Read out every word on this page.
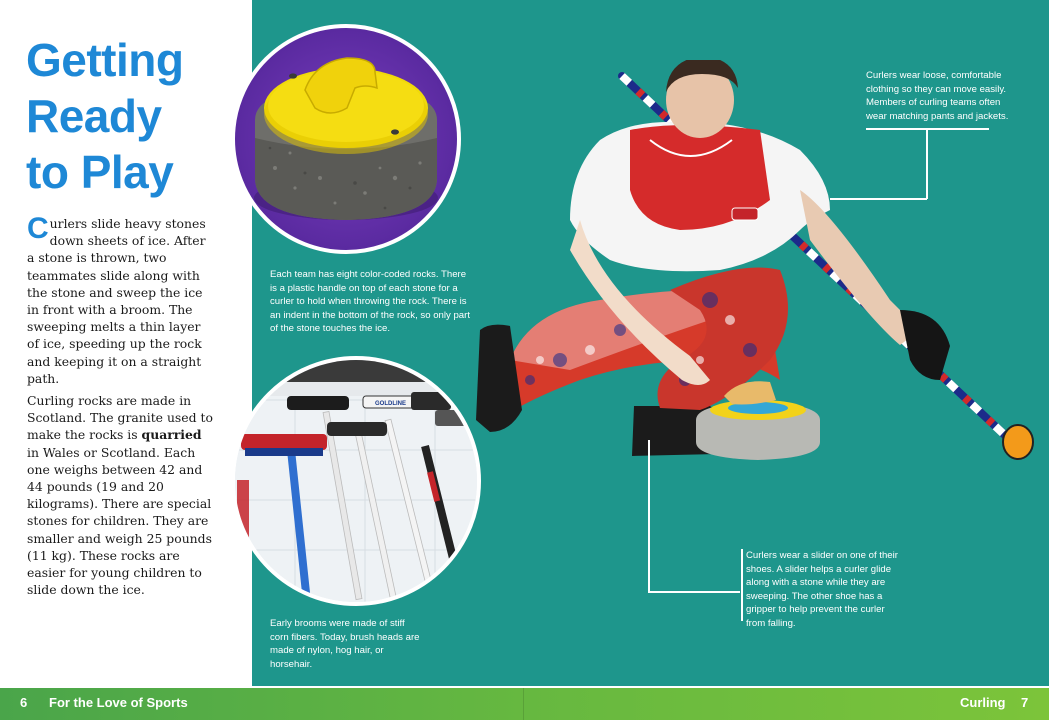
Getting
Ready
to Play

Curlers slide heavy stones down sheets of ice. After a stone is thrown, two teammates slide along with the stone and sweep the ice in front with a broom. The sweeping melts a thin layer of ice, speeding up the rock and keeping it on a straight path.

Curling rocks are made in Scotland. The granite used to make the rocks is quarried in Wales or Scotland. Each one weighs between 42 and 44 pounds (19 and 20 kilograms). There are special stones for children. They are smaller and weigh 25 pounds (11 kg). These rocks are easier for young children to slide down the ice.

GOLDLINE
Each team has eight color-coded rocks. There is a plastic handle on top of each stone for a curler to hold when throwing the rock. There is an indent in the bottom of the rock, so only part of the stone touches the ice.
Early brooms were made of stiff corn fibers. Today, brush heads are made of nylon, hog hair, or horsehair.
Curlers wear loose, comfortable clothing so they can move easily. Members of curling teams often wear matching pants and jackets.
Curlers wear a slider on one of their shoes. A slider helps a curler glide along with a stone while they are sweeping. The other shoe has a gripper to help prevent the curler from falling.
6 For the Love of Sports	Curling 7
